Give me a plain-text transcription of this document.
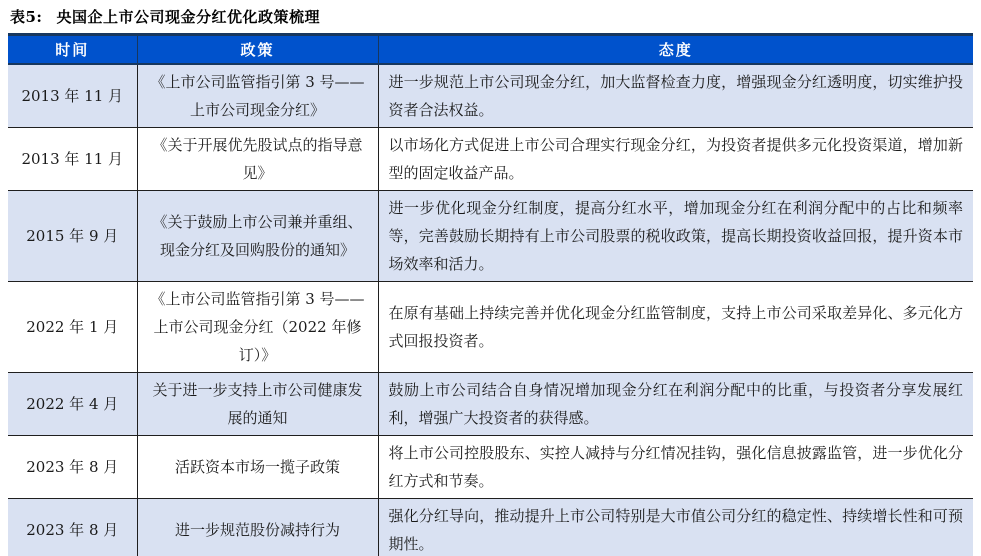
表5: 央国企上市公司现金分红优化政策梳理
时间	政策	态度
2013 年 11 月	《上市公司监管指引第 3 号——上市公司现金分红》	进一步规范上市公司现金分红，加大监督检查力度，增强现金分红透明度，切实维护投资者合法权益。
2013 年 11 月	《关于开展优先股试点的指导意见》	以市场化方式促进上市公司合理实行现金分红，为投资者提供多元化投资渠道，增加新型的固定收益产品。
2015 年 9 月	《关于鼓励上市公司兼并重组、现金分红及回购股份的通知》	进一步优化现金分红制度，提高分红水平，增加现金分红在利润分配中的占比和频率等，完善鼓励长期持有上市公司股票的税收政策，提高长期投资收益回报，提升资本市场效率和活力。
2022 年 1 月	《上市公司监管指引第 3 号——上市公司现金分红（2022 年修订）》	在原有基础上持续完善并优化现金分红监管制度，支持上市公司采取差异化、多元化方式回报投资者。
2022 年 4 月	关于进一步支持上市公司健康发展的通知	鼓励上市公司结合自身情况增加现金分红在利润分配中的比重，与投资者分享发展红利，增强广大投资者的获得感。
2023 年 8 月	活跃资本市场一揽子政策	将上市公司控股股东、实控人减持与分红情况挂钩，强化信息披露监管，进一步优化分红方式和节奏。
2023 年 8 月	进一步规范股份减持行为	强化分红导向，推动提升上市公司特别是大市值公司分红的稳定性、持续增长性和可预期性。
